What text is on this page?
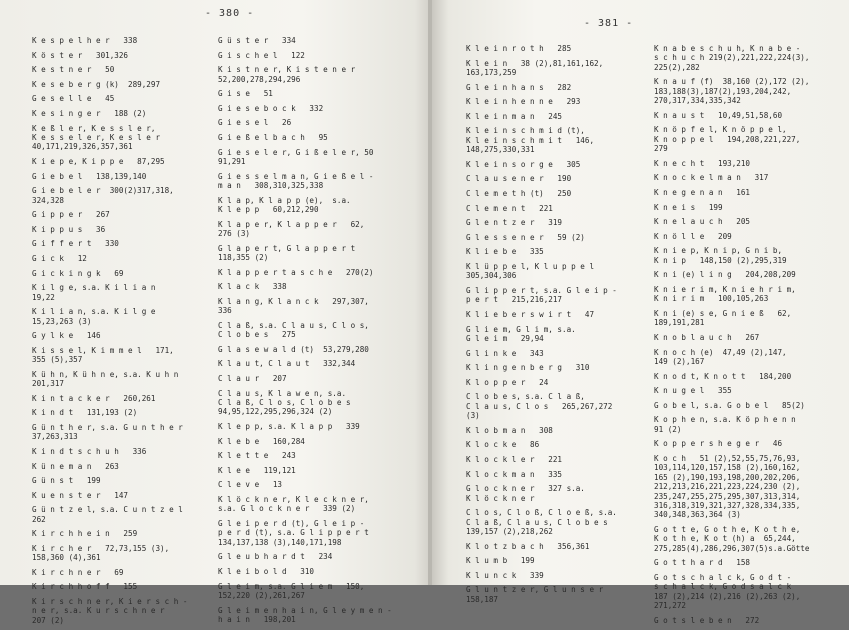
- 380 -
K e s p e l h e r   338
K ö s t e r   301,326
K e s t n e r   50
K e s e b e r g (k)  289,297
G e s e l l e   45
K e s i n g e r   188 (2)
K e ß l e r, K e s s l e r,
K e s s e l e r, K e s l e r
40,171,219,326,357,361
K i e p e, K i p p e   87,295
G i e b e l   138,139,140
G i e b e l e r  300(2)317,318,
324,328
G i p p e r   267
K i p p u s   36
G i f f e r t   330
G i c k   12
G i c k i n g k   69
K i l g e, s.a. K i l i a n
19,22
K i l i a n, s.a. K i l g e
15,23,263 (3)
G y l k e   146
K i s s e l, K i m m e l   171,
355 (5),357
K ü h n, K ü h n e, s.a. K u h n
201,317
K i n t a c k e r   260,261
K i n d t   131,193 (2)
G ü n t h e r, s.a. G u n t h e r
37,263,313
K i n d t s c h u h   336
K ü n e m a n   263
G ü n s t   199
K u e n s t e r   147
G ü n t z e l, s.a. C u n t z e l
262
K i r c h h e i n   259
K i r c h e r   72,73,155 (3),
158,360 (4),361
K i r c h n e r   69
K i r c h h o f f   155
K i r s c h n e r, K i e r s c h -
n e r, s.a. K u r s c h n e r
207 (2)
G ü s t e r   334
G i s c h e l   122
K i s t n e r, K i s t e n e r
52,200,278,294,296
G i s e   51
G i e s e b o c k   332
G i e s e l   26
G i e ß e l b a c h   95
G i e s e l e r, G i ß e l e r, 50
91,291
G i e s s e l m a n, G i e ß e l -
m a n   308,310,325,338
K l a p, K l a p p (e),  s.a.
K l e p p   60,212,290
K l a p e r, K l a p p e r   62,
276 (3)
G l a p e r t, G l a p p e r t
118,355 (2)
K l a p p e r t a s c h e   270(2)
K l a c k   338
K l a n g, K l a n c k   297,307,
336
C l a ß, s.a. C l a u s, C l o s,
C l o b e s   275
G l a s e w a l d (t)  53,279,280
K l a u t, C l a u t   332,344
C l a u r   207
C l a u s, K l a w e n, s.a.
C l a ß, C l o s, C l o b e s
94,95,122,295,296,324 (2)
K l e p p, s.a. K l a p p   339
K l e b e   160,284
K l e t t e   243
K l e e   119,121
C l e v e   13
K l ö c k n e r, K l e c k n e r,
s.a. G l o c k n e r   339 (2)
G l e i p e r d (t), G l e i p -
p e r d (t), s.a. G l i p p e r t
134,137,138 (3),140,171,198
G l e u b h a r d t   234
K l e i b o l d   310
G l e i m, s.a. G l i e m   150,
152,220 (2),261,267
G l e i m e n h a i n, G l e y m e n -
h a i n   198,201
- 381 -
K l e i n r o t h   285
K l e i n   38 (2),81,161,162,
163,173,259
G l e i n h a n s   282
K l e i n h e n n e   293
K l e i n m a n   245
K l e i n s c h m i d (t),
K l e i n s c h m i t   146,
148,275,330,331
K l e i n s o r g e   305
C l a u s e n e r   190
C l e m e t h (t)   250
C l e m e n t   221
G l e n t z e r   319
G l e s s e n e r   59 (2)
K l i e b e   335
K l ü p p e l, K l u p p e l
305,304,306
G l i p p e r t, s.a. G l e i p -
p e r t   215,216,217
K l i e b e r s w i r t   47
G l i e m, G l i m, s.a.
G l e i m   29,94
G l i n k e   343
K l i n g e n b e r g   310
K l o p p e r   24
C l o b e s, s.a. C l a ß,
C l a u s, C l o s   265,267,272
(3)
K l o b m a n   308
K l o c k e   86
K l o c k l e r   221
K l o c k m a n   335
G l o c k n e r   327 s.a.
K l ö c k n e r
C l o s, C l o ß, C l o e ß, s.a.
C l a ß, C l a u s, C l o b e s
139,157 (2),218,262
K l o t z b a c h   356,361
K l u m b   199
K l u n c k   339
G l u n t z e r, G l u n s e r
158,187
K n a b e s c h u h, K n a b e -
s c h u c h 219(2),221,222,224(3),
225(2),282
K n a u f (f)  38,160 (2),172 (2),
183,188(3),187(2),193,204,242,
270,317,334,335,342
K n a u s t   10,49,51,58,60
K n ö p f e l, K n ö p p e l,
K n o p p e l   194,208,221,227,
279
K n e c h t   193,210
K n o c k e l m a n   317
K n e g e n a n   161
K n e i s   199
K n e l a u c h   205
K n ö l l e   209
K n i e p, K n i p, G n i b,
K n i p   148,150 (2),295,319
K n i (e) l i n g   204,208,209
K n i e r i m, K n i e h r i m,
K n i r i m   100,105,263
K n i (e) s e, G n i e ß   62,
189,191,281
K n o b l a u c h   267
K n o c h (e)  47,49 (2),147,
149 (2),167
K n o d t, K n o t t   184,200
K n u g e l   355
G o b e l, s.a. G o b e l   85(2)
K o p h e n, s.a. K ö p h e n n
91 (2)
K o p p e r s h e g e r   46
K o c h   51 (2),52,55,75,76,93,
103,114,120,157,158 (2),160,162,
165 (2),190,193,198,200,202,206,
212,213,216,221,223,224,230 (2),
235,247,255,275,295,307,313,314,
316,318,319,321,327,328,334,335,
340,348,363,364 (3)
G o t t e, G o t h e, K o t h e,
K o t h e, K o t (h) a  65,244,
275,285(4),286,296,307(5)s.a.Götte
G o t t h a r d   158
G o t s c h a l c k, G o d t -
s c h a l c k, G o d s a l c k
187 (2),214 (2),216 (2),263 (2),
271,272
G o t s l e b e n   272
